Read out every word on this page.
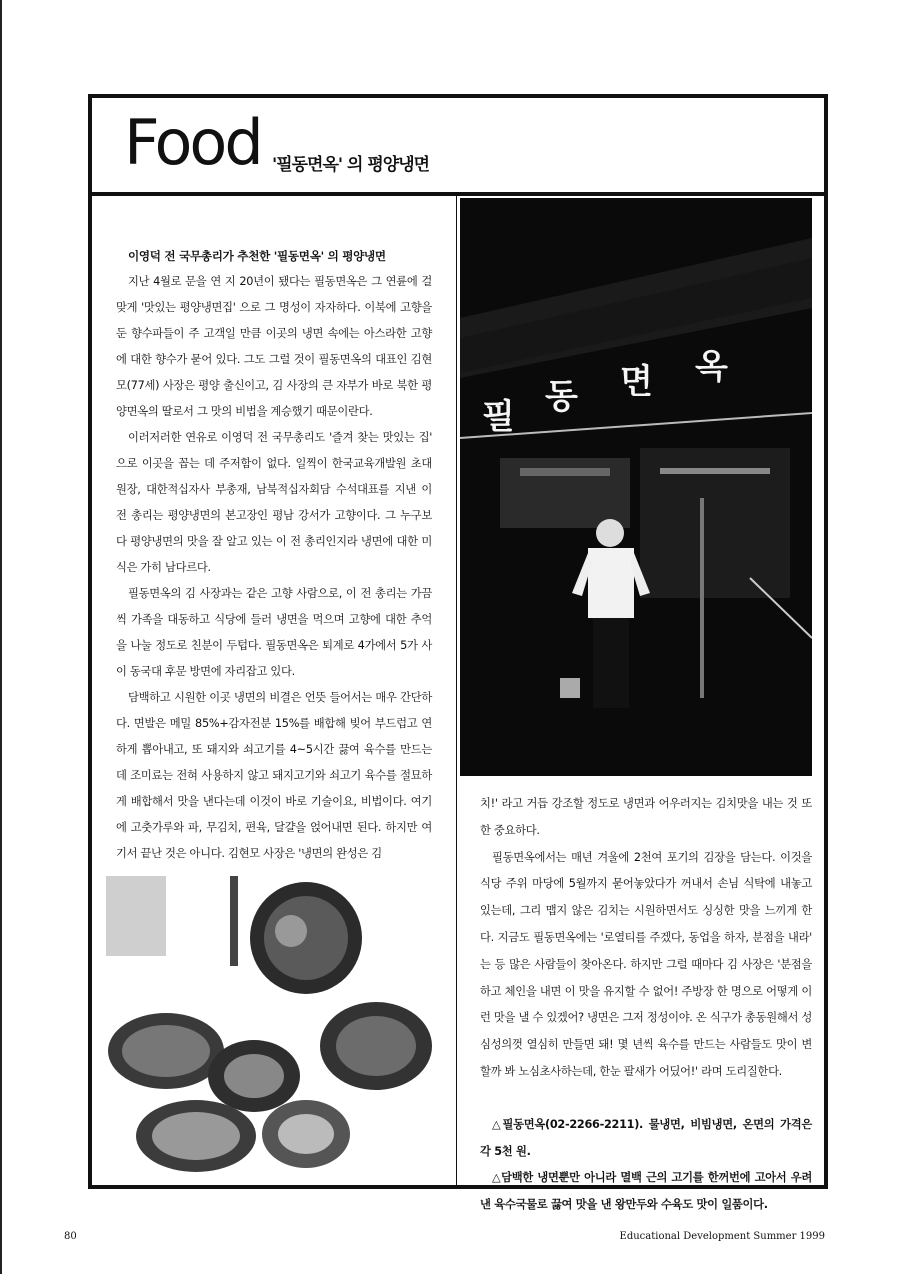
Food '필동면옥' 의 평양냉면

이영덕 전 국무총리가 추천한 '필동면옥' 의 평양냉면

지난 4월로 문을 연 지 20년이 됐다는 필동면옥은 그 연륜에 걸맞게 '맛있는 평양냉면집' 으로 그 명성이 자자하다. 이북에 고향을 둔 향수파들이 주 고객일 만큼 이곳의 냉면 속에는 아스라한 고향에 대한 향수가 묻어 있다. 그도 그럴 것이 필동면옥의 대표인 김현모(77세) 사장은 평양 출신이고, 김 사장의 큰 자부가 바로 북한 평양면옥의 딸로서 그 맛의 비법을 계승했기 때문이란다.

이러저러한 연유로 이영덕 전 국무총리도 '즐겨 찾는 맛있는 집' 으로 이곳을 꼽는 데 주저함이 없다. 일찍이 한국교육개발원 초대원장, 대한적십자사 부총재, 남북적십자회담 수석대표를 지낸 이 전 총리는 평양냉면의 본고장인 평남 강서가 고향이다. 그 누구보다 평양냉면의 맛을 잘 알고 있는 이 전 총리인지라 냉면에 대한 미식은 가히 남다르다.

필동면옥의 김 사장과는 같은 고향 사람으로, 이 전 총리는 가끔씩 가족을 대동하고 식당에 들러 냉면을 먹으며 고향에 대한 추억을 나눌 정도로 친분이 두텁다. 필동면옥은 퇴계로 4가에서 5가 사이 동국대 후문 방면에 자리잡고 있다.

담백하고 시원한 이곳 냉면의 비결은 언뜻 들어서는 매우 간단하다. 면발은 메밀 85%+감자전분 15%를 배합해 빚어 부드럽고 연하게 뽑아내고, 또 돼지와 쇠고기를 4~5시간 끓여 육수를 만드는데 조미료는 전혀 사용하지 않고 돼지고기와 쇠고기 육수를 절묘하게 배합해서 맛을 낸다는데 이것이 바로 기술이요, 비법이다. 여기에 고춧가루와 파, 무김치, 편육, 달걀을 얹어내면 된다. 하지만 여기서 끝난 것은 아니다. 김현모 사장은 '냉면의 완성은 김

필 동 면 옥

치!' 라고 거듭 강조할 정도로 냉면과 어우러지는 김치맛을 내는 것 또한 중요하다.

필동면옥에서는 매년 겨울에 2천여 포기의 김장을 담는다. 이것을 식당 주위 마당에 5월까지 묻어놓았다가 꺼내서 손님 식탁에 내놓고 있는데, 그리 맵지 않은 김치는 시원하면서도 싱싱한 맛을 느끼게 한다. 지금도 필동면옥에는 '로열티를 주겠다, 동업을 하자, 분점을 내라' 는 등 많은 사람들이 찾아온다. 하지만 그럴 때마다 김 사장은 '분점을 하고 체인을 내면 이 맛을 유지할 수 없어! 주방장 한 명으로 어떻게 이런 맛을 낼 수 있겠어? 냉면은 그저 정성이야. 온 식구가 총동원해서 성심성의껏 열심히 만들면 돼! 몇 년씩 육수를 만드는 사람들도 맛이 변할까 봐 노심초사하는데, 한눈 팔새가 어딨어!' 라며 도리질한다.

△필동면옥(02-2266-2211). 물냉면, 비빔냉면, 온면의 가격은 각 5천 원.

△담백한 냉면뿐만 아니라 멸백 근의 고기를 한꺼번에 고아서 우려낸 육수국물로 끓여 맛을 낸 왕만두와 수육도 맛이 일품이다.

80	Educational Development Summer 1999
